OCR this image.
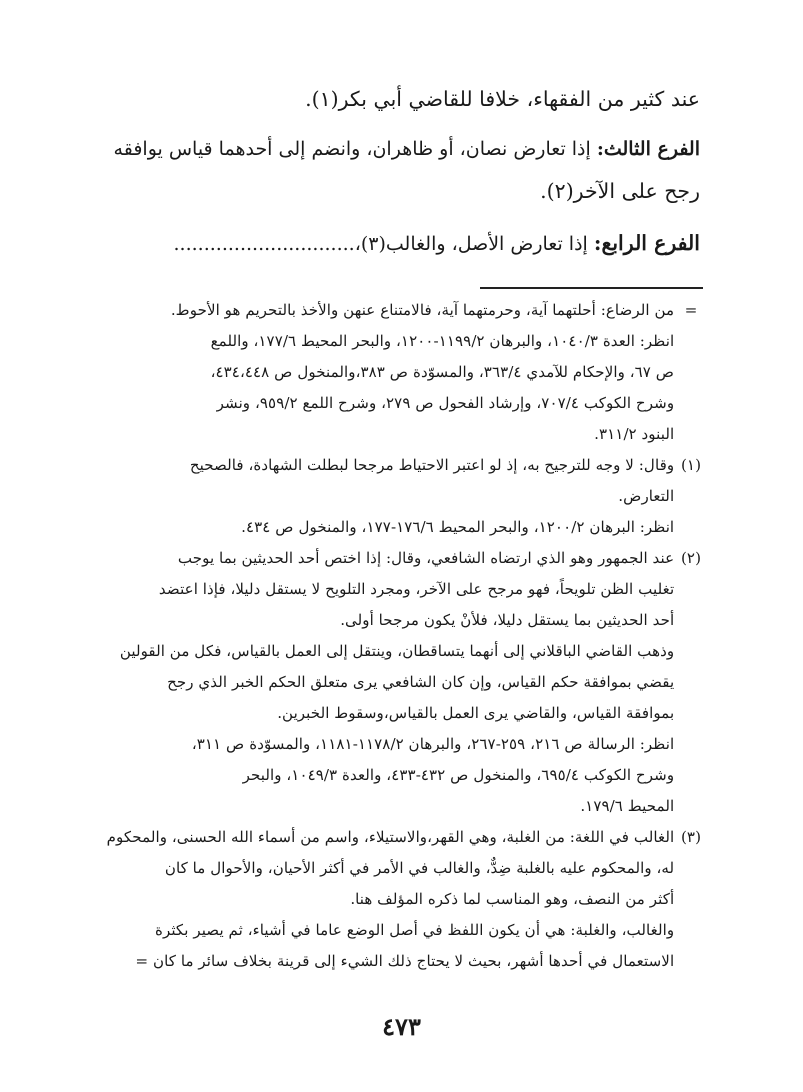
عند كثير من الفقهاء، خلافا للقاضي أبي بكر(١).
الفرع الثالث: إذا تعارض نصان، أو ظاهران، وانضم إلى أحدهما قياس يوافقه
رجح على الآخر(٢).
الفرع الرابع: إذا تعارض الأصل، والغالب(٣)،..............................
= من الرضاع: أحلتهما آية، وحرمتهما آية، فالامتناع عنهن والأخذ بالتحريم هو الأحوط.
انظر: العدة ١٠٤٠/٣، والبرهان ١١٩٩/٢-١٢٠٠، والبحر المحيط ١٧٧/٦، واللمع
ص ٦٧، والإحكام للآمدي ٣٦٣/٤، والمسوّدة ص ٣٨٣،والمنخول ص ٤٣٤،٤٤٨،
وشرح الكوكب ٧٠٧/٤، وإرشاد الفحول ص ٢٧٩، وشرح اللمع ٩٥٩/٢، ونشر
البنود ٣١١/٢.
(١) وقال: لا وجه للترجيح به، إذ لو اعتبر الاحتياط مرجحا لبطلت الشهادة، فالصحيح
التعارض.
انظر: البرهان ١٢٠٠/٢، والبحر المحيط ١٧٦/٦-١٧٧، والمنخول ص ٤٣٤.
(٢) عند الجمهور وهو الذي ارتضاه الشافعي، وقال: إذا اختص أحد الحديثين بما يوجب
تغليب الظن تلويحاً، فهو مرجح على الآخر، ومجرد التلويح لا يستقل دليلا، فإذا اعتضد
أحد الحديثين بما يستقل دليلا، فلأنْ يكون مرجحا أولى.
وذهب القاضي الباقلاني إلى أنهما يتساقطان، وينتقل إلى العمل بالقياس، فكل من القولين
يقضي بموافقة حكم القياس، وإن كان الشافعي يرى متعلق الحكم الخبر الذي رجح
بموافقة القياس، والقاضي يرى العمل بالقياس،وسقوط الخبرين.
انظر: الرسالة ص ٢١٦، ٢٥٩-٢٦٧، والبرهان ١١٧٨/٢-١١٨١، والمسوّدة ص ٣١١،
وشرح الكوكب ٦٩٥/٤، والمنخول ص ٤٣٢-٤٣٣، والعدة ١٠٤٩/٣، والبحر
المحيط ١٧٩/٦.
(٣) الغالب في اللغة: من الغلبة، وهي القهر،والاستيلاء، واسم من أسماء الله الحسنى، والمحكوم
له، والمحكوم عليه بالغلبة ضِدٌّ، والغالب في الأمر في أكثر الأحيان، والأحوال ما كان
أكثر من النصف، وهو المناسب لما ذكره المؤلف هنا.
والغالب، والغلبة: هي أن يكون اللفظ في أصل الوضع عاما في أشياء، ثم يصير بكثرة
الاستعمال في أحدها أشهر، بحيث لا يحتاج ذلك الشيء إلى قرينة بخلاف سائر ما كان =
٤٧٣
